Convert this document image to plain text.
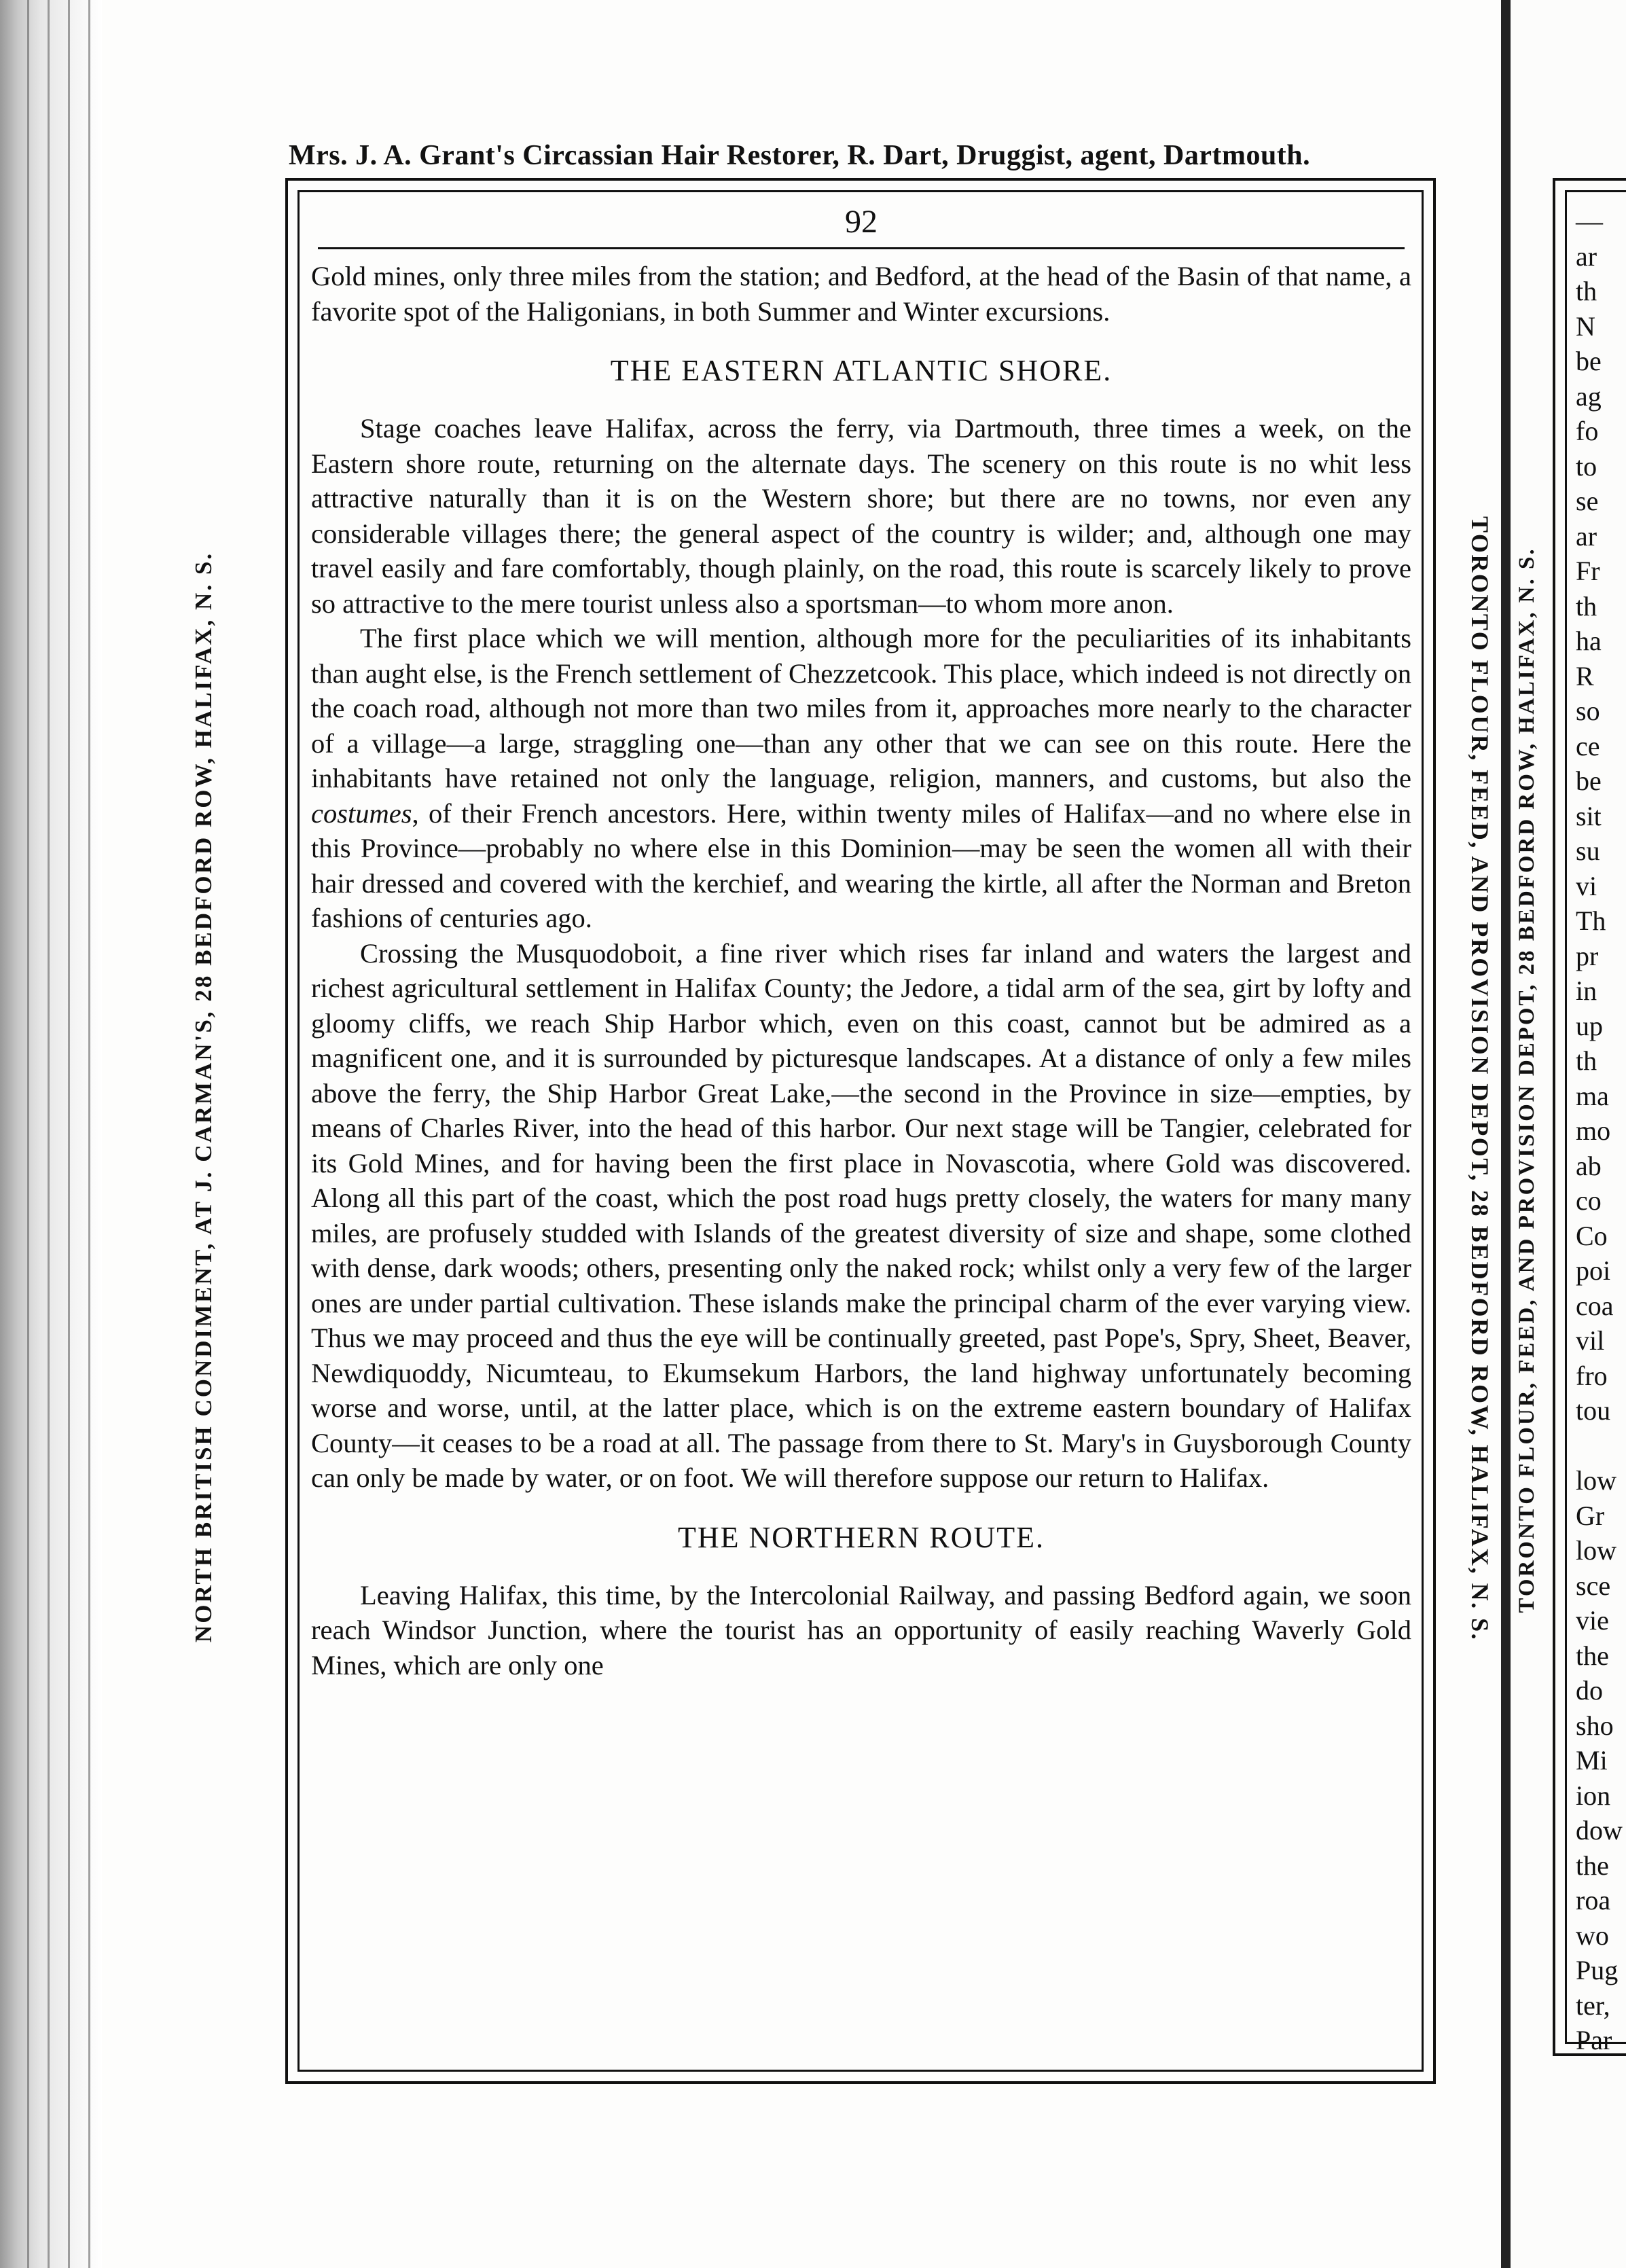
Mrs. J. A. Grant's Circassian Hair Restorer, R. Dart, Druggist, agent, Dartmouth.
NORTH BRITISH CONDIMENT, AT J. CARMAN'S, 28 BEDFORD ROW, HALIFAX, N. S.	TORONTO FLOUR, FEED, AND PROVISION DEPOT, 28 BEDFORD ROW, HALIFAX, N. S.
92

Gold mines, only three miles from the station; and Bedford, at the head of the Basin of that name, a favorite spot of the Haligonians, in both Summer and Winter excursions.

THE EASTERN ATLANTIC SHORE.

Stage coaches leave Halifax, across the ferry, via Dartmouth, three times a week, on the Eastern shore route, returning on the alternate days. The scenery on this route is no whit less attractive naturally than it is on the Western shore; but there are no towns, nor even any considerable villages there; the general aspect of the country is wilder; and, although one may travel easily and fare comfortably, though plainly, on the road, this route is scarcely likely to prove so attractive to the mere tourist unless also a sportsman—to whom more anon.

The first place which we will mention, although more for the peculiarities of its inhabitants than aught else, is the French settlement of Chezzetcook. This place, which indeed is not directly on the coach road, although not more than two miles from it, approaches more nearly to the character of a village—a large, straggling one—than any other that we can see on this route. Here the inhabitants have retained not only the language, religion, manners, and customs, but also the costumes, of their French ancestors. Here, within twenty miles of Halifax—and no where else in this Province—probably no where else in this Dominion—may be seen the women all with their hair dressed and covered with the kerchief, and wearing the kirtle, all after the Norman and Breton fashions of centuries ago.

Crossing the Musquodoboit, a fine river which rises far inland and waters the largest and richest agricultural settlement in Halifax County; the Jedore, a tidal arm of the sea, girt by lofty and gloomy cliffs, we reach Ship Harbor which, even on this coast, cannot but be admired as a magnificent one, and it is surrounded by picturesque landscapes. At a distance of only a few miles above the ferry, the Ship Harbor Great Lake,—the second in the Province in size—empties, by means of Charles River, into the head of this harbor. Our next stage will be Tangier, celebrated for its Gold Mines, and for having been the first place in Novascotia, where Gold was discovered. Along all this part of the coast, which the post road hugs pretty closely, the waters for many many miles, are profusely studded with Islands of the greatest diversity of size and shape, some clothed with dense, dark woods; others, presenting only the naked rock; whilst only a very few of the larger ones are under partial cultivation. These islands make the principal charm of the ever varying view. Thus we may proceed and thus the eye will be continually greeted, past Pope's, Spry, Sheet, Beaver, Newdiquoddy, Nicumteau, to Ekumsekum Harbors, the land highway unfortunately becoming worse and worse, until, at the latter place, which is on the extreme eastern boundary of Halifax County—it ceases to be a road at all. The passage from there to St. Mary's in Guysborough County can only be made by water, or on foot. We will therefore suppose our return to Halifax.

THE NORTHERN ROUTE.

Leaving Halifax, this time, by the Intercolonial Railway, and passing Bedford again, we soon reach Windsor Junction, where the tourist has an opportunity of easily reaching Waverly Gold Mines, which are only one

TORONTO FLOUR, FEED, AND PROVISION DEPOT, 28 BEDFORD ROW, HALIFAX, N. S.
—
ar
th
N
be
ag
fo
to
se
ar
Fr
th
ha
R
so
ce
be
sit
su
vi
Th
pr
in
up
th
ma
mo
ab
co
Co
poi
coa
vil
fro
tou
low
Gr
low
sce
vie
the
do
sho
Mi
ion
dow
the
roa
wo
Pug
ter,
Par
